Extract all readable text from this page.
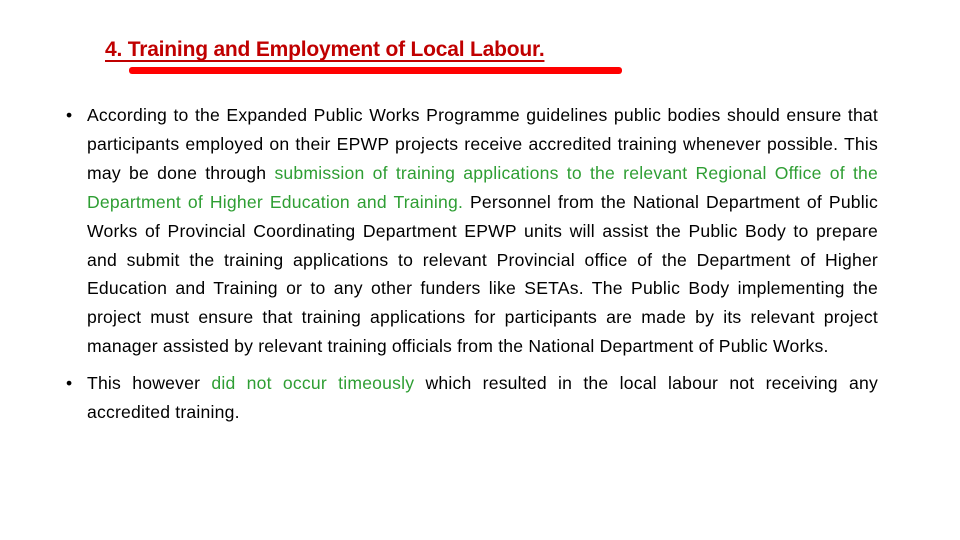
4. Training and Employment of Local Labour.
• According to the Expanded Public Works Programme guidelines public bodies should ensure that participants employed on their EPWP projects receive accredited training whenever possible. This may be done through submission of training applications to the relevant Regional Office of the Department of Higher Education and Training. Personnel from the National Department of Public Works of Provincial Coordinating Department EPWP units will assist the Public Body to prepare and submit the training applications to relevant Provincial office of the Department of Higher Education and Training or to any other funders like SETAs. The Public Body implementing the project must ensure that training applications for participants are made by its relevant project manager assisted by relevant training officials from the National Department of Public Works.
• This however did not occur timeously which resulted in the local labour not receiving any accredited training.
